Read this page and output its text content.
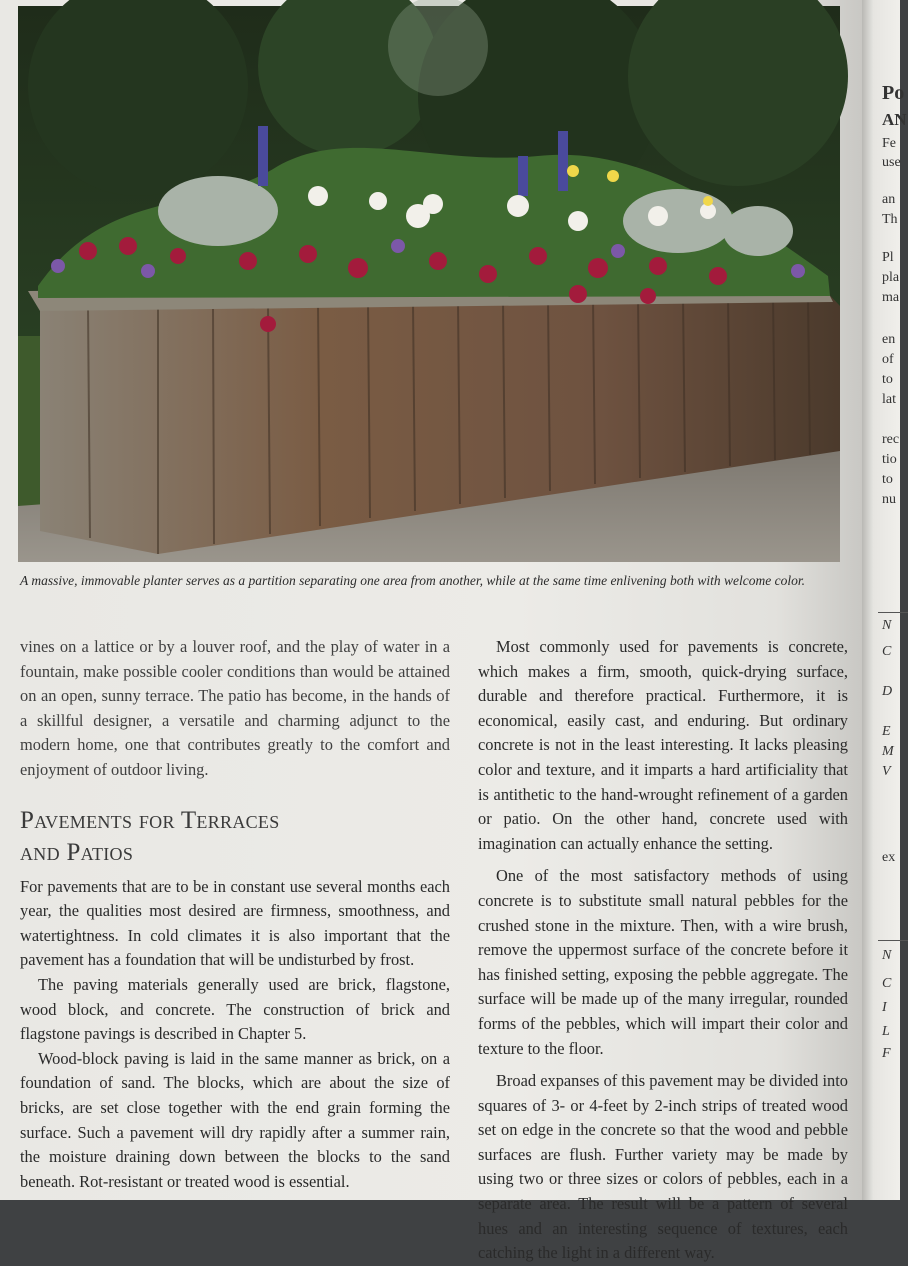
A massive, immovable planter serves as a partition separating one area from another, while at the same time enlivening both with welcome color.

vines on a lattice or by a louver roof, and the play of water in a fountain, make possible cooler conditions than would be attained on an open, sunny terrace. The patio has become, in the hands of a skillful designer, a versatile and charming adjunct to the modern home, one that contributes greatly to the comfort and enjoyment of outdoor living.

Pavements for Terraces
and Patios

For pavements that are to be in constant use several months each year, the qualities most desired are firmness, smoothness, and watertightness. In cold climates it is also important that the pavement has a foundation that will be undisturbed by frost.

The paving materials generally used are brick, flagstone, wood block, and concrete. The construction of brick and flagstone pavings is described in Chapter 5.

Wood-block paving is laid in the same manner as brick, on a foundation of sand. The blocks, which are about the size of bricks, are set close together with the end grain forming the surface. Such a pavement will dry rapidly after a summer rain, the moisture draining down between the blocks to the sand beneath. Rot-resistant or treated wood is essential.

Most commonly used for pavements is concrete, which makes a firm, smooth, quick-drying surface, durable and therefore practical. Furthermore, it is economical, easily cast, and enduring. But ordinary concrete is not in the least interesting. It lacks pleasing color and texture, and it imparts a hard artificiality that is antithetic to the hand-wrought refinement of a garden or patio. On the other hand, concrete used with imagination can actually enhance the setting.

One of the most satisfactory methods of using concrete is to substitute small natural pebbles for the crushed stone in the mixture. Then, with a wire brush, remove the uppermost surface of the concrete before it has finished setting, exposing the pebble aggregate. The surface will be made up of the many irregular, rounded forms of the pebbles, which will impart their color and texture to the floor.

Broad expanses of this pavement may be divided into squares of 3- or 4-feet by 2-inch strips of treated wood set on edge in the concrete so that the wood and pebble surfaces are flush. Further variety may be made by using two or three sizes or colors of pebbles, each in a separate area. The result will be a pattern of several hues and an interesting sequence of textures, each catching the light in a different way.

Po
AN
Fe
use
an
Th
Pl
pla
ma
en
of
to
lat
rec
tio
to
nu
N
C
D
E
M
V
ex
N
C
I
L
F
